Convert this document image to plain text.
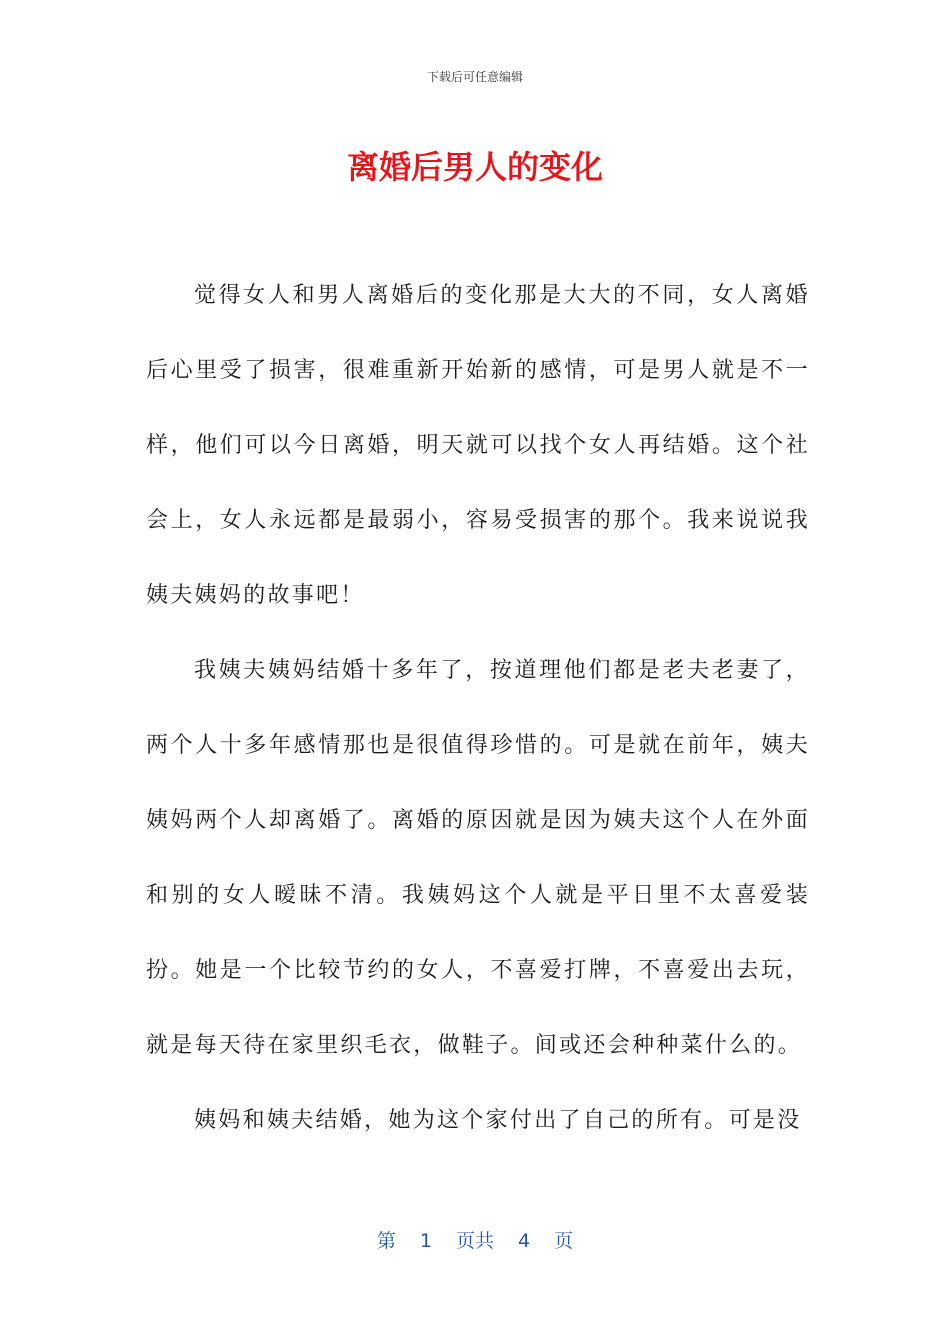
下载后可任意编辑
离婚后男人的变化

觉得女人和男人离婚后的变化那是大大的不同，女人离婚后心里受了损害，很难重新开始新的感情，可是男人就是不一样，他们可以今日离婚，明天就可以找个女人再结婚。这个社会上，女人永远都是最弱小，容易受损害的那个。我来说说我姨夫姨妈的故事吧！

我姨夫姨妈结婚十多年了，按道理他们都是老夫老妻了，两个人十多年感情那也是很值得珍惜的。可是就在前年，姨夫姨妈两个人却离婚了。离婚的原因就是因为姨夫这个人在外面和别的女人暧昧不清。我姨妈这个人就是平日里不太喜爱装扮。她是一个比较节约的女人，不喜爱打牌，不喜爱出去玩，就是每天待在家里织毛衣，做鞋子。间或还会种种菜什么的。

姨妈和姨夫结婚，她为这个家付出了自己的所有。可是没

第 1 页共 4 页
